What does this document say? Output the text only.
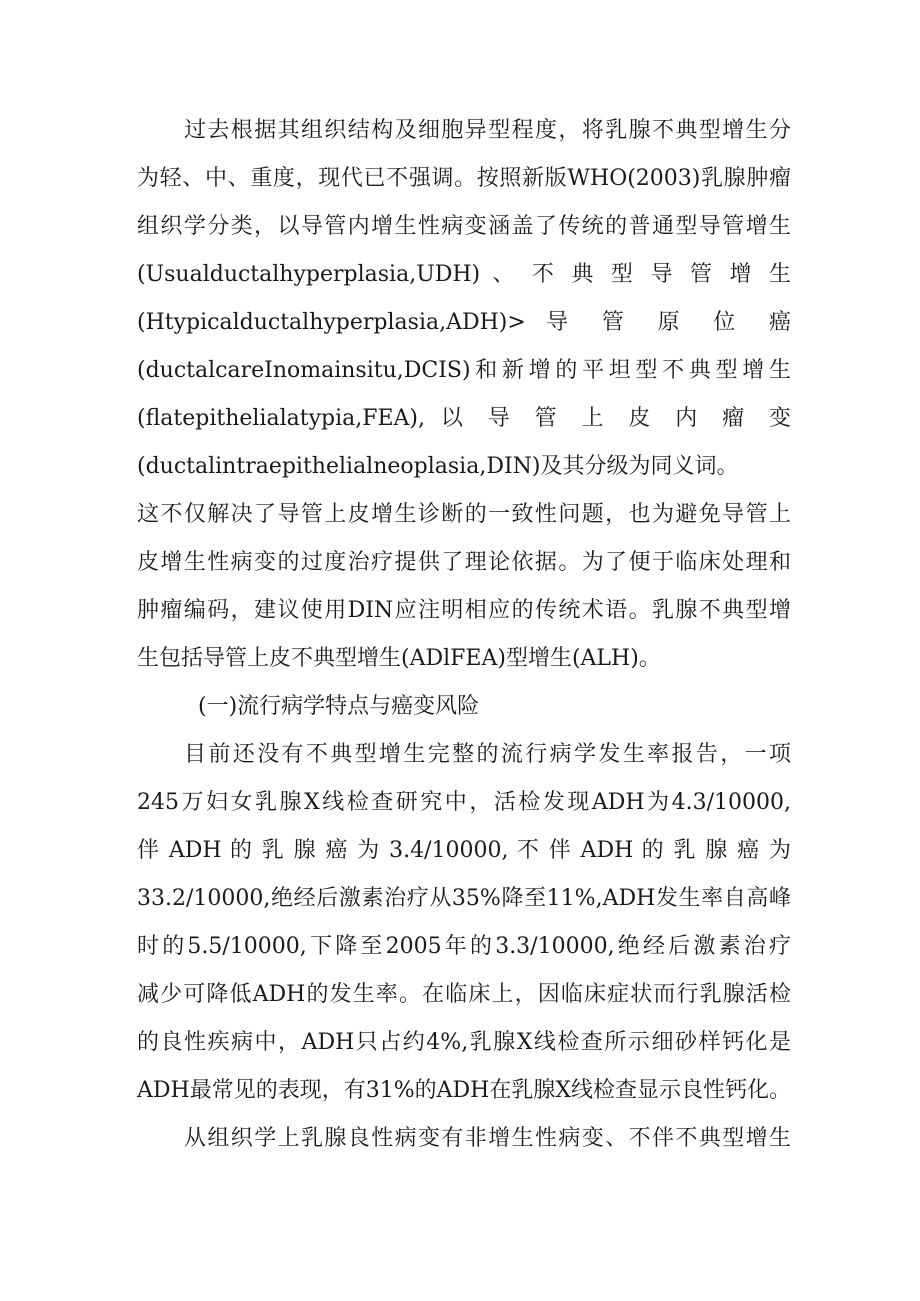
过去根据其组织结构及细胞异型程度，将乳腺不典型增生分
为轻、中、重度，现代已不强调。按照新版WHO(2003)乳腺肿瘤
组织学分类，以导管内增生性病变涵盖了传统的普通型导管增生
(Usualductalhyperplasia,UDH) 、 不 典 型 导 管 增 生
(Htypicalductalhyperplasia,ADH)> 导 管 原 位 癌
(ductalcareInomainsitu,DCIS)和新增的平坦型不典型增生
(flatepithelialatypia,FEA), 以 导 管 上 皮 内 瘤 变
(ductalintraepithelialneoplasia,DIN)及其分级为同义词。
这不仅解决了导管上皮增生诊断的一致性问题，也为避免导管上
皮增生性病变的过度治疗提供了理论依据。为了便于临床处理和
肿瘤编码，建议使用DIN应注明相应的传统术语。乳腺不典型增
生包括导管上皮不典型增生(ADlFEA)型增生(ALH)。
(一)流行病学特点与癌变风险
目前还没有不典型增生完整的流行病学发生率报告，一项
245万妇女乳腺X线检查研究中，活检发现ADH为4.3/10000,
伴 ADH 的 乳 腺 癌 为 3.4/10000, 不 伴 ADH 的 乳 腺 癌 为
33.2/10000,绝经后激素治疗从35%降至11%,ADH发生率自高峰
时的5.5/10000,下降至2005年的3.3/10000,绝经后激素治疗
减少可降低ADH的发生率。在临床上，因临床症状而行乳腺活检
的良性疾病中，ADH只占约4%,乳腺X线检查所示细砂样钙化是
ADH最常见的表现，有31%的ADH在乳腺X线检查显示良性钙化。
从组织学上乳腺良性病变有非增生性病变、不伴不典型增生
